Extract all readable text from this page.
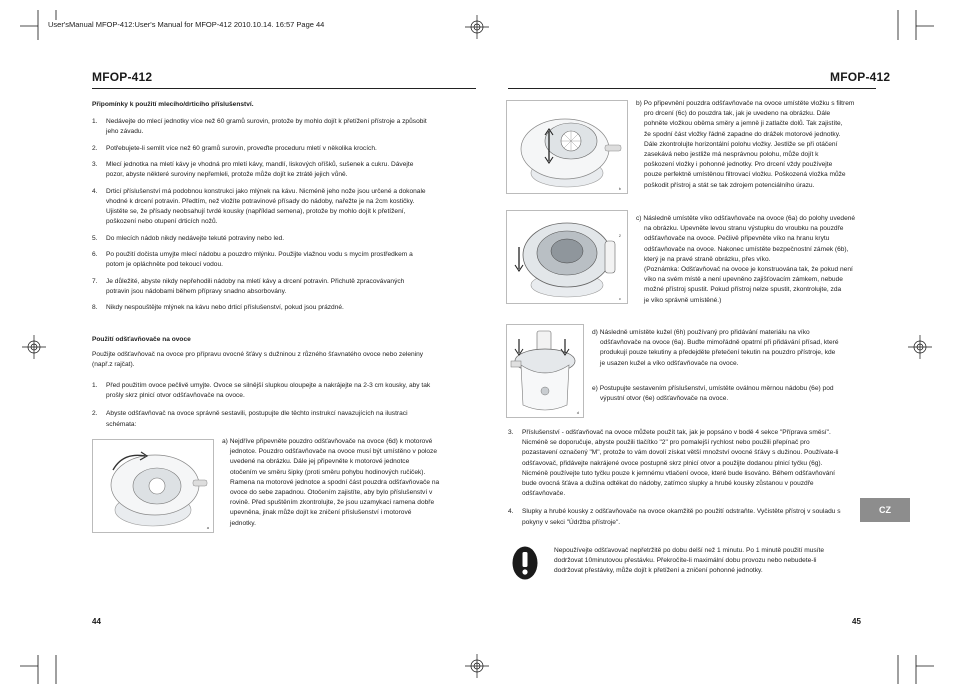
User'sManual MFOP-412:User's Manual for MFOP-412 2010.10.14. 16:57 Page 44
MFOP-412
Připomínky k použití mlecího/drticího příslušenství.
1. Nedávejte do mlecí jednotky více než 60 gramů surovin, protože by mohlo dojít k přetížení přístroje a způsobit
jeho závadu.
2. Potřebujete-li semlít více než 60 gramů surovin, proveďte proceduru mletí v několika krocích.
3. Mlecí jednotka na mletí kávy je vhodná pro mletí kávy, mandlí, liskových oříšků, sušenek a cukru. Dávejte
pozor, abyste některé suroviny nepřemleli, protože může dojít ke ztrátě jejich vůně.
4. Drticí příslušenství má podobnou konstrukci jako mlýnek na kávu. Nicméně jeho nože jsou určené a dokonale
vhodné k drcení potravin. Předtím, než vložíte potravinové přísady do nádoby, nařežte je na 2cm kostičky.
Ujistěte se, že přísady neobsahují tvrdé kousky (například semena), protože by mohlo dojít k přetížení,
poškození nebo otupení drticích nožů.
5. Do mlecích nádob nikdy nedávejte tekuté potraviny nebo led.
6. Po použití dočista umyjte mlecí nádobu a pouzdro mlýnku. Použijte vlažnou vodu s mycím prostředkem a
potom je opláchněte pod tekoucí vodou.
7. Je důležité, abyste nikdy nepřehodili nádoby na mletí kávy a drcení potravin. Přichutě zpracovávaných
potravin jsou nádobami během přípravy snadno absorbovány.
8. Nikdy nespouštějte mlýnek na kávu nebo drticí příslušenství, pokud jsou prázdné.
Použití odšťavňovače na ovoce
Použijte odšťavňovač na ovoce pro přípravu ovocné šťávy s dužninou z různého šťavnatého ovoce nebo zeleniny
(např.z rajčat).
1. Před použitím ovoce pečlivě umyjte. Ovoce se silnější slupkou oloupejte a nakrájejte na 2-3 cm kousky, aby tak
prošly skrz plnicí otvor odšťavňovače na ovoce.
2. Abyste odšťavňovač na ovoce správně sestavili, postupujte dle těchto instrukcí navazujících na ilustraci
schémata:
a
a) Nejdříve připevněte pouzdro odšťavňovače na ovoce (6d) k motorové
jednotce. Pouzdro odšťavňovače na ovoce musí být umístěno v poloze
uvedené na obrázku. Dále jej připevněte k motorové jednotce
otočením ve směru šipky (proti směru pohybu hodinových ručiček).
Ramena na motorové jednotce a spodní část pouzdra odšťavňovače na
ovoce do sebe zapadnou. Otočením zajistíte, aby bylo příslušenství v
rovině. Před spuštěním zkontrolujte, že jsou uzamykací ramena dobře
upevněna, jinak může dojít ke zničení příslušenství i motorové
jednotky.
44
MFOP-412
b
b) Po připevnění pouzdra odšťavňovače na ovoce umístěte vložku s filtrem
pro drcení (6c) do pouzdra tak, jak je uvedeno na obrázku. Dále
pohněte vložkou oběma směry a jemně ji zatlačte dolů. Tak zajistíte,
že spodní část vložky řádně zapadne do drážek motorové jednotky.
Dále zkontrolujte horizontální polohu vložky. Jestliže se při otáčení
zasekává nebo jestliže má nesprávnou polohu, může dojít k
poškození vložky i pohonné jednotky. Pro drcení vždy používejte
pouze perfektně umístěnou filtrovací vložku. Poškozená vložka může
poškodit přístroj a stát se tak zdrojem potenciálního úrazu.
2
c
c) Následně umístěte víko odšťavňovače na ovoce (6a) do polohy uvedené
na obrázku. Upevněte levou stranu výstupku do vroubku na pouzdře
odšťavňovače na ovoce. Pečlivě připevněte víko na hranu krytu
odšťavňovače na ovoce. Nakonec umístěte bezpečnostní zámek (6b),
který je na pravé straně obrázku, přes víko.
(Poznámka: Odšťavňovač na ovoce je konstruována tak, že pokud není
víko na svém místě a není upevněno zajišťovacím zámkem, nebude
možné přístroj spustit. Pokud přístroj nelze spustit, zkontrolujte, zda
je víko správně umístěné.)
d
d) Následně umístěte kužel (6h) používaný pro přidávání materiálu na víko
odšťavňovače na ovoce (6a). Buďte mimořádně opatrní při přidávání přísad, které
produkují pouze tekutiny a předejděte přetečení tekutin na pouzdro přístroje, kde
je usazen kužel a víko odšťavňovače na ovoce.
e) Postupujte sestavením příslušenství, umístěte oválnou měrnou nádobu (6e) pod
výpustní otvor (6e) odšťavňovače na ovoce.
3. Příslušenství - odšťavňovač na ovoce můžete použít tak, jak je popsáno v bodě 4 sekce "Příprava směsí".
Nicméně se doporučuje, abyste použili tlačítko "2" pro pomalejší rychlost nebo použili přepínač pro
pozastavení označený "M", protože to vám dovolí získat větší množství ovocné šťávy s dužinou. Používate-li
odšťavovač, přidávejte nakrájené ovoce postupně skrz plnicí otvor a použijte dodanou plnicí tyčku (6g).
Nicméně používejte tuto tyčku pouze k jemnému vtlačení ovoce, které bude lisováno. Během odšťavňování
bude ovocná šťáva a dužina odtékat do nádoby, zatímco slupky a hrubé kousky zůstanou v pouzdře
odšťavňovače.
4. Slupky a hrubé kousky z odšťavňovače na ovoce okamžitě po použití odstraňte. Vyčistěte přístroj v souladu s
pokyny v sekci "Údržba přístroje".
Nepoužívejte odšťavovač nepřetržitě po dobu delší než 1 minutu. Po 1 minutě použití musíte
dodržovat 10minutovou přestávku. Překročíte-li maximální dobu provozu nebo nebudete-li
dodržovat přestávky, může dojít k přetížení a zničení pohonné jednotky.
CZ
45
